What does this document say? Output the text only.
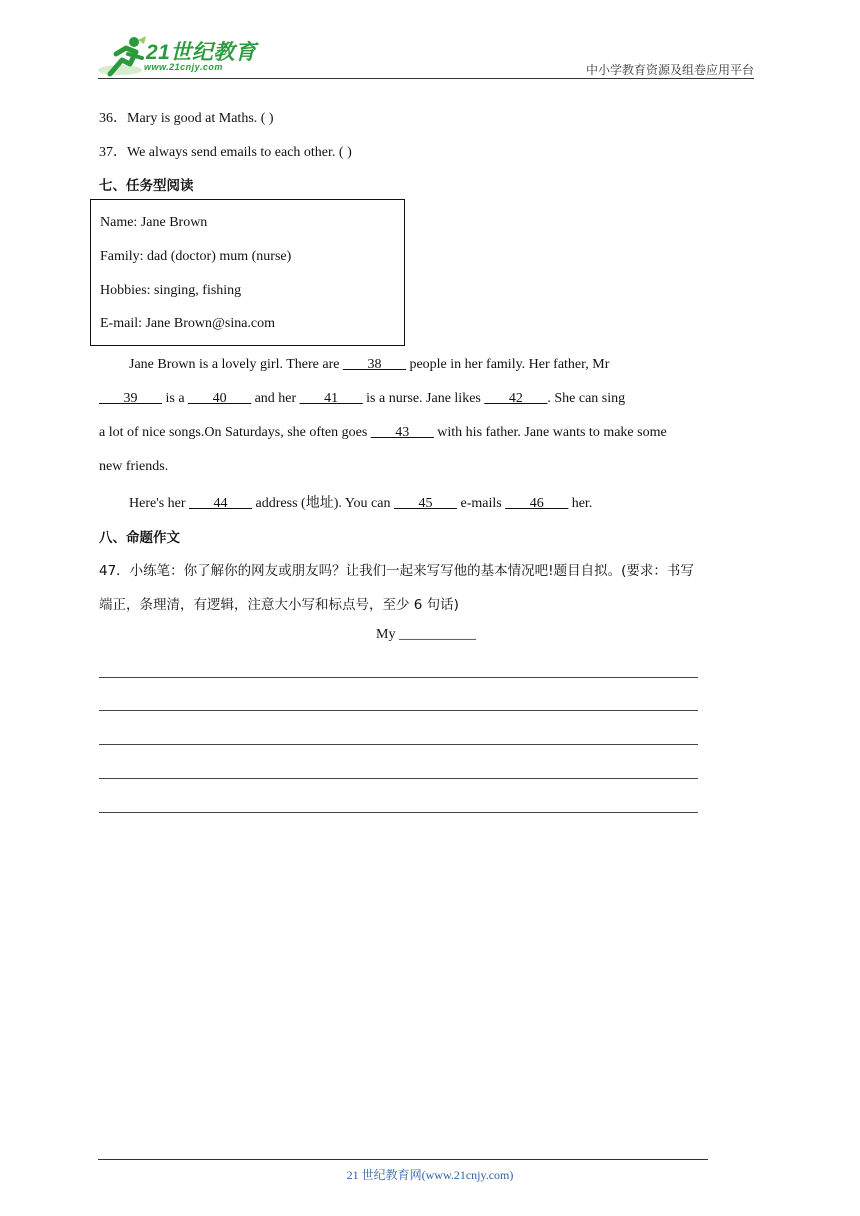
21世纪教育
www.21cnjy.com	中小学教育资源及组卷应用平台
36．Mary is good at Maths. ( )
37．We always send emails to each other. ( )
七、任务型阅读
Name: Jane Brown
Family: dad (doctor) mum (nurse)
Hobbies: singing, fishing
E-mail: Jane Brown@sina.com
Jane Brown is a lovely girl. There are     38     people in her family. Her father, Mr
    39     is a     40     and her     41     is a nurse. Jane likes     42    . She can sing
a lot of nice songs.On Saturdays, she often goes     43     with his father. Jane wants to make some
new friends.
Here's her     44     address (地址). You can     45     e-mails     46     her.
八、命题作文
47．小练笔：你了解你的网友或朋友吗？让我们一起来写写他的基本情况吧!题目自拟。(要求：书写
端正，条理清，有逻辑，注意大小写和标点号，至少 6 句话)
My ___________
21 世纪教育网(www.21cnjy.com)
